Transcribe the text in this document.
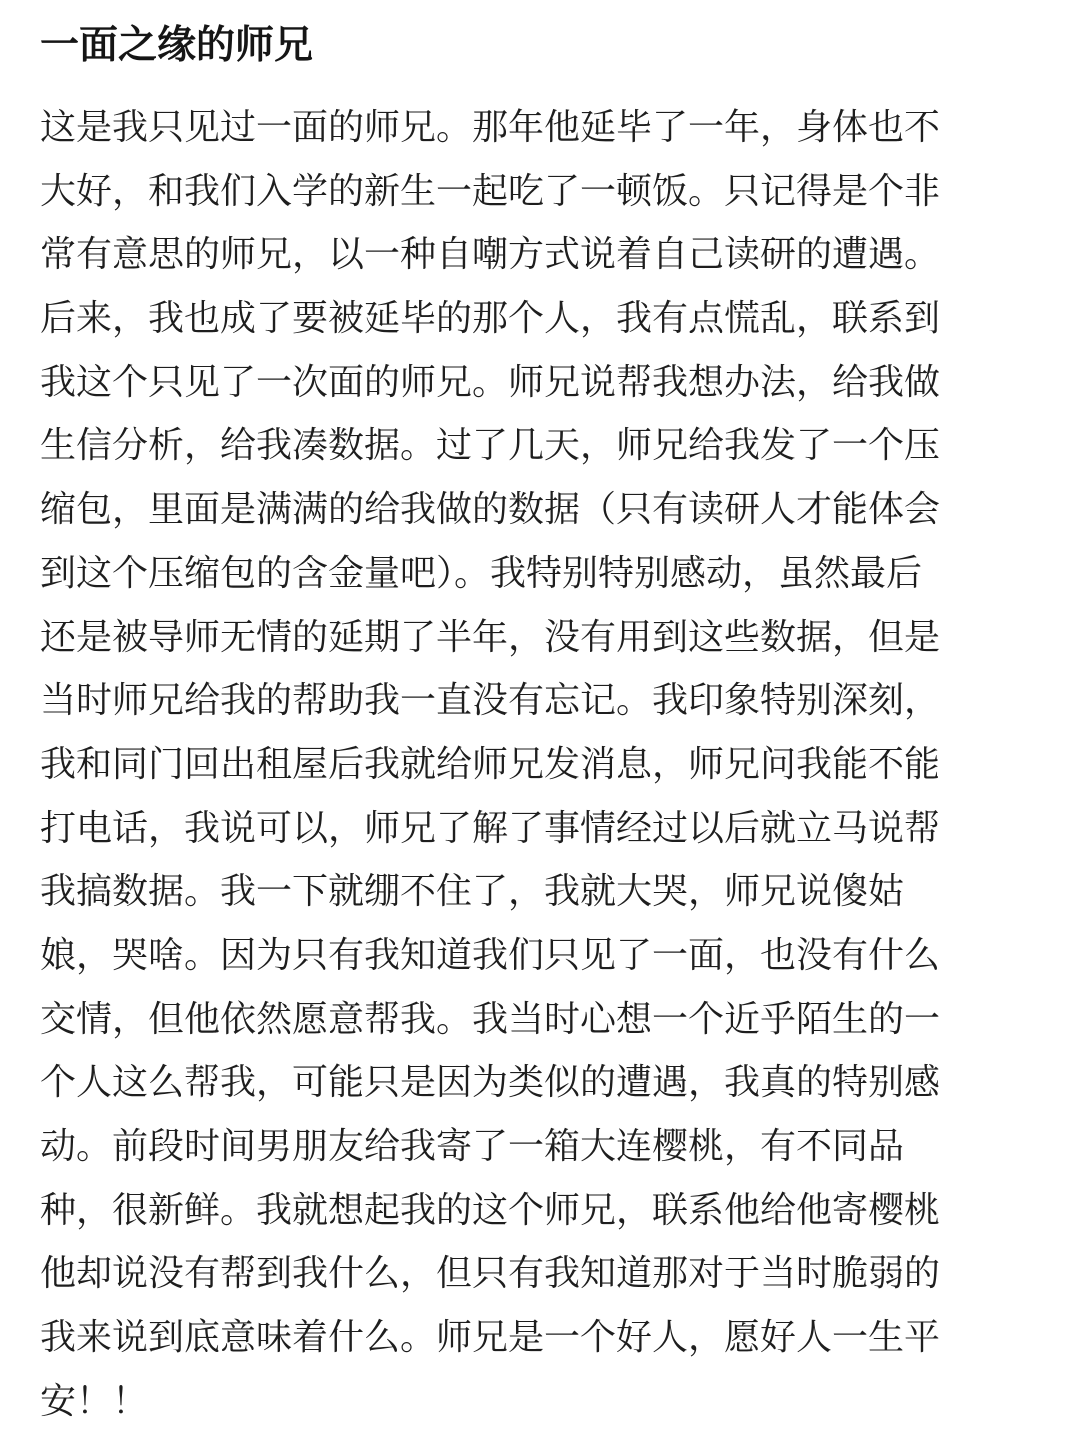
一面之缘的师兄
这是我只见过一面的师兄。那年他延毕了一年，身体也不
大好，和我们入学的新生一起吃了一顿饭。只记得是个非
常有意思的师兄，以一种自嘲方式说着自己读研的遭遇。
后来，我也成了要被延毕的那个人，我有点慌乱，联系到
我这个只见了一次面的师兄。师兄说帮我想办法，给我做
生信分析，给我凑数据。过了几天，师兄给我发了一个压
缩包，里面是满满的给我做的数据（只有读研人才能体会
到这个压缩包的含金量吧）。我特别特别感动，虽然最后
还是被导师无情的延期了半年，没有用到这些数据，但是
当时师兄给我的帮助我一直没有忘记。我印象特别深刻，
我和同门回出租屋后我就给师兄发消息，师兄问我能不能
打电话，我说可以，师兄了解了事情经过以后就立马说帮
我搞数据。我一下就绷不住了，我就大哭，师兄说傻姑
娘，哭啥。因为只有我知道我们只见了一面，也没有什么
交情，但他依然愿意帮我。我当时心想一个近乎陌生的一
个人这么帮我，可能只是因为类似的遭遇，我真的特别感
动。前段时间男朋友给我寄了一箱大连樱桃，有不同品
种，很新鲜。我就想起我的这个师兄，联系他给他寄樱桃
他却说没有帮到我什么，但只有我知道那对于当时脆弱的
我来说到底意味着什么。师兄是一个好人，愿好人一生平
安！！
